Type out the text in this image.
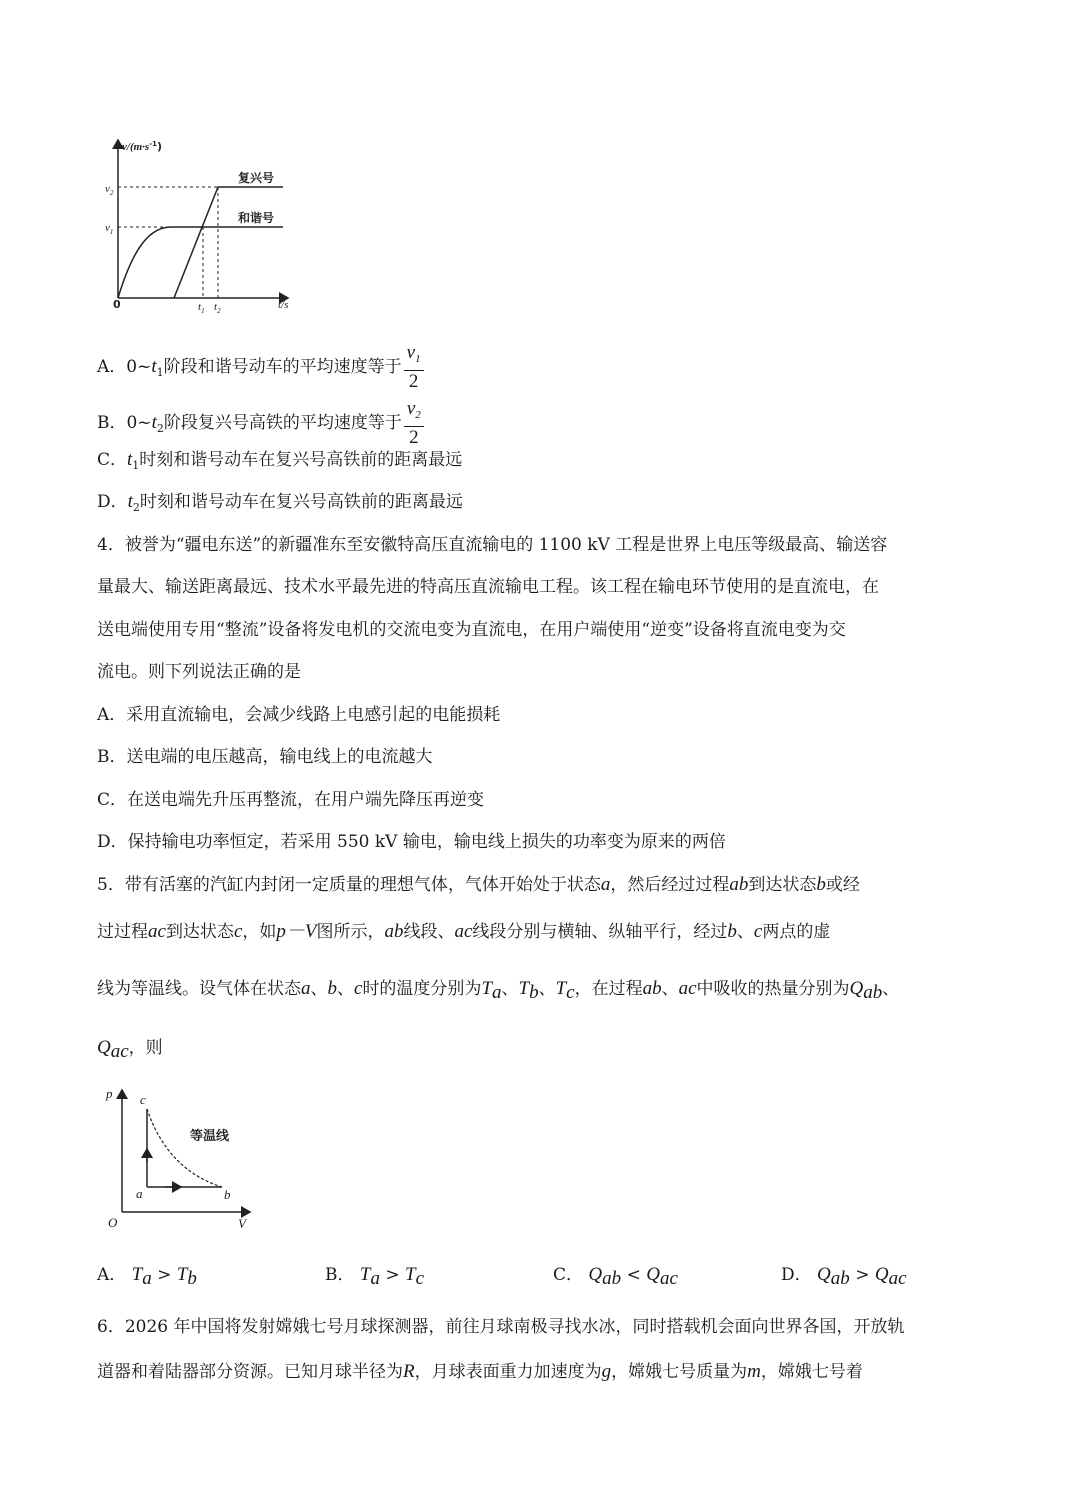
$v/(m\cdot s^{-1})$
t/s
0
$v_2$
$v_1$
$t_1$ $t_2$
复兴号
和谐号
A．$0\sim t_1$阶段和谐号动车的平均速度等于 $\frac{v_1}{2}$
B．$0\sim t_2$阶段复兴号高铁的平均速度等于 $\frac{v_2}{2}$
C．$t_1$时刻和谐号动车在复兴号高铁前的距离最远
D．$t_2$时刻和谐号动车在复兴号高铁前的距离最远
4．被誉为“疆电东送”的新疆准东至安徽特高压直流输电的 1100 kV 工程是世界上电压等级最高、输送容
量最大、输送距离最远、技术水平最先进的特高压直流输电工程。该工程在输电环节使用的是直流电，在
送电端使用专用“整流”设备将发电机的交流电变为直流电，在用户端使用“逆变”设备将直流电变为交
流电。则下列说法正确的是
A．采用直流输电，会减少线路上电感引起的电能损耗
B．送电端的电压越高，输电线上的电流越大
C．在送电端先升压再整流，在用户端先降压再逆变
D．保持输电功率恒定，若采用 550 kV 输电，输电线上损失的功率变为原来的两倍
5．带有活塞的汽缸内封闭一定质量的理想气体，气体开始处于状态a，然后经过过程ab到达状态b或经
过过程ac到达状态c，如p－V图所示，ab线段、ac线段分别与横轴、纵轴平行，经过b、c两点的虚
线为等温线。设气体在状态a、b、c时的温度分别为$T_a$、$T_b$、$T_c$，在过程ab、ac中吸收的热量分别为$Q_{ab}$、
$Q_{ac}$，则
p
V
O
c
a	b
等温线
A． $T_a > T_b$	B． $T_a > T_c$	C． $Q_{ab} < Q_{ac}$	D． $Q_{ab} > Q_{ac}$
6．2026 年中国将发射嫦娥七号月球探测器，前往月球南极寻找水冰，同时搭载机会面向世界各国，开放轨
道器和着陆器部分资源。已知月球半径为R，月球表面重力加速度为g，嫦娥七号质量为m，嫦娥七号着
